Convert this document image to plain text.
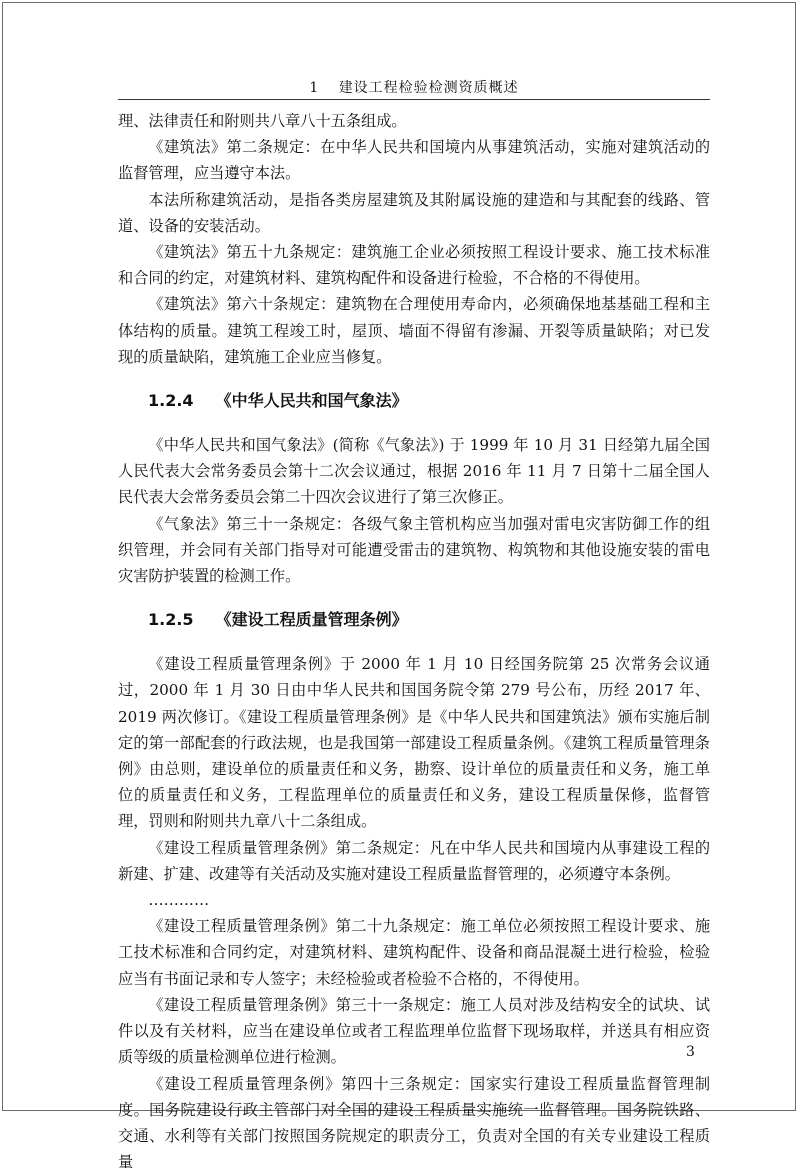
1 建设工程检验检测资质概述

理、法律责任和附则共八章八十五条组成。

《建筑法》第二条规定：在中华人民共和国境内从事建筑活动，实施对建筑活动的监督管理，应当遵守本法。

本法所称建筑活动，是指各类房屋建筑及其附属设施的建造和与其配套的线路、管道、设备的安装活动。

《建筑法》第五十九条规定：建筑施工企业必须按照工程设计要求、施工技术标准和合同的约定，对建筑材料、建筑构配件和设备进行检验，不合格的不得使用。

《建筑法》第六十条规定：建筑物在合理使用寿命内，必须确保地基基础工程和主体结构的质量。建筑工程竣工时，屋顶、墙面不得留有渗漏、开裂等质量缺陷；对已发现的质量缺陷，建筑施工企业应当修复。

1.2.4 《中华人民共和国气象法》

《中华人民共和国气象法》(简称《气象法》) 于 1999 年 10 月 31 日经第九届全国人民代表大会常务委员会第十二次会议通过，根据 2016 年 11 月 7 日第十二届全国人民代表大会常务委员会第二十四次会议进行了第三次修正。

《气象法》第三十一条规定：各级气象主管机构应当加强对雷电灾害防御工作的组织管理，并会同有关部门指导对可能遭受雷击的建筑物、构筑物和其他设施安装的雷电灾害防护装置的检测工作。

1.2.5 《建设工程质量管理条例》

《建设工程质量管理条例》于 2000 年 1 月 10 日经国务院第 25 次常务会议通过，2000 年 1 月 30 日由中华人民共和国国务院令第 279 号公布，历经 2017 年、2019 两次修订。《建设工程质量管理条例》是《中华人民共和国建筑法》颁布实施后制定的第一部配套的行政法规，也是我国第一部建设工程质量条例。《建筑工程质量管理条例》由总则，建设单位的质量责任和义务，勘察、设计单位的质量责任和义务，施工单位的质量责任和义务，工程监理单位的质量责任和义务，建设工程质量保修，监督管理，罚则和附则共九章八十二条组成。

《建设工程质量管理条例》第二条规定：凡在中华人民共和国境内从事建设工程的新建、扩建、改建等有关活动及实施对建设工程质量监督管理的，必须遵守本条例。

…………

《建设工程质量管理条例》第二十九条规定：施工单位必须按照工程设计要求、施工技术标准和合同约定，对建筑材料、建筑构配件、设备和商品混凝土进行检验，检验应当有书面记录和专人签字；未经检验或者检验不合格的，不得使用。

《建设工程质量管理条例》第三十一条规定：施工人员对涉及结构安全的试块、试件以及有关材料，应当在建设单位或者工程监理单位监督下现场取样，并送具有相应资质等级的质量检测单位进行检测。

《建设工程质量管理条例》第四十三条规定：国家实行建设工程质量监督管理制度。国务院建设行政主管部门对全国的建设工程质量实施统一监督管理。国务院铁路、交通、水利等有关部门按照国务院规定的职责分工，负责对全国的有关专业建设工程质量

3
